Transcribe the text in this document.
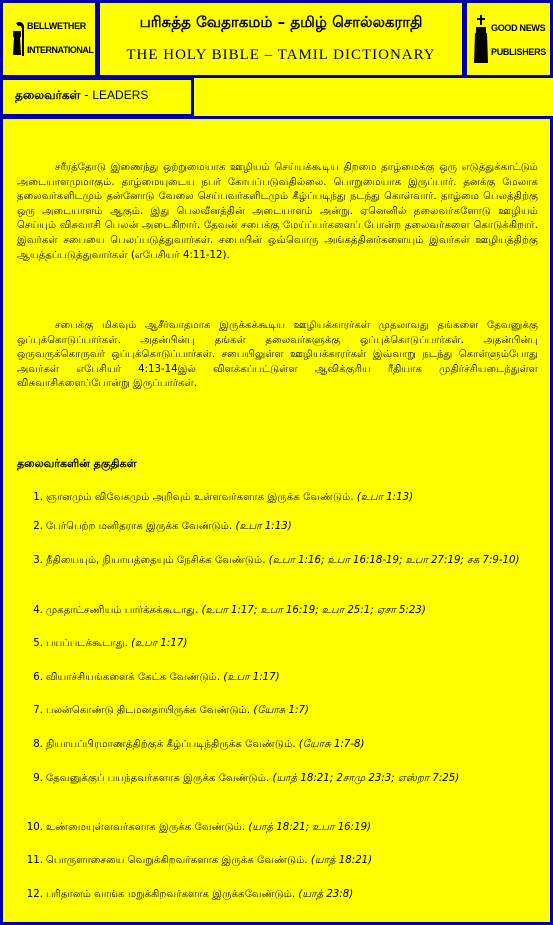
BELLWETHER
INTERNATIONAL
பரிசுத்த வேதாகமம் – தமிழ் சொல்லகராதி
THE HOLY BIBLE – TAMIL DICTIONARY
GOOD NEWS
PUBLISHERS
தலைவர்கள் - LEADERS

சரீரத்தோடு இணைந்து ஒற்றுமையாக ஊழியம் செய்யக்கூடிய திறமை தாழ்மைக்கு ஒரு எடுத்துக்காட்டும் அடையாளமுமாகும். தாழ்மையுடைய நபர் கோபப்படுவதில்லை. பொறுமையாக இருப்பார். தனக்கு மேலாக தலைவர்களிடமும் தன்னோடு வேலை செய்பவர்களிடமும் கீழ்ப்படிந்து நடந்து கொள்வார். தாழ்மை பெலத்திற்கு ஒரு அடையாளம் ஆகும். இது பெலவீனத்தின் அடையாளம் அன்று. ஏனெனில் தலைவர்களோடு ஊழியம் செய்யும் விசுவாசி பெலன் அடைகிறார். தேவன் சபைக்கு மேய்ப்பர்களைப் போன்ற தலைவர்களை கொடுக்கிறார். இவர்கள் சபையை பெலப்படுத்துவார்கள். சபையின் ஒவ்வொரு அங்கத்தினர்களையும் இவர்கள் ஊழியத்திற்கு ஆயத்தப்படுத்துவார்கள் (எபேசியர் 4:11-12).

சபைக்கு மிகவும் ஆசீர்வாதமாக இருக்கக்கூடிய ஊழியக்காரர்கள் முதலாவது தங்களை தேவனுக்கு ஒப்புக்கொடுப்பார்கள். அதன்பின்பு தங்கள் தலைவர்களுக்கு ஒப்புக்கொடுப்பார்கள். அதன்பின்பு ஒருவருக்கொருவர் ஒப்புக்கொடுப்பார்கள். சபையிலுள்ள ஊழியக்காரர்கள் இவ்வாறு நடந்து கொள்ளும்போது அவர்கள் எபேசியர் 4:13-14இல் விளக்கப்பட்டுள்ள ஆவிக்குரிய ரீதியாக முதிர்ச்சியடைந்துள்ள விசுவாசிகளைப்போன்று இருப்பார்கள்.

தலைவர்களின் தகுதிகள்

1. ஞானமும் விவேகமும் அறிவும் உள்ளவர்களாக இருக்க வேண்டும். (உபா 1:13)
2. பேர்பெற்ற மனிதராக இருக்க வேண்டும். (உபா 1:13)
3. நீதியையும், நியாயத்தையும் நேசிக்க வேண்டும். (உபா 1:16; உபா 16:18-19; உபா 27:19; சக 7:9-10)
4. முகதாட்சணியம் பார்க்கக்கூடாது. (உபா 1:17; உபா 16:19; உபா 25:1; ஏசா 5:23)
5. பயப்படக்கூடாது. (உபா 1:17)
6. வியாச்சியங்களைக் கேட்க வேண்டும். (உபா 1:17)
7. பலன்கொண்டு திடமனதாயிருக்க வேண்டும். (யோசு 1:7)
8. நியாயப்பிரமாணத்திற்குக் கீழ்ப்படிந்திருக்க வேண்டும். (யோசு 1:7-8)
9. தேவனுக்குப் பயந்தவர்களாக இருக்க வேண்டும். (யாத் 18:21; 2சாமு 23:3; எஸ்றா 7:25)
10. உண்மையுள்ளவர்களாக இருக்க வேண்டும். (யாத் 18:21; உபா 16:19)
11. பொருளாசையை வெறுக்கிறவர்களாக இருக்க வேண்டும். (யாத் 18:21)
12. பரிதானம் வாங்க மறுக்கிறவர்களாக இருக்கவேண்டும். (யாத் 23:8)
